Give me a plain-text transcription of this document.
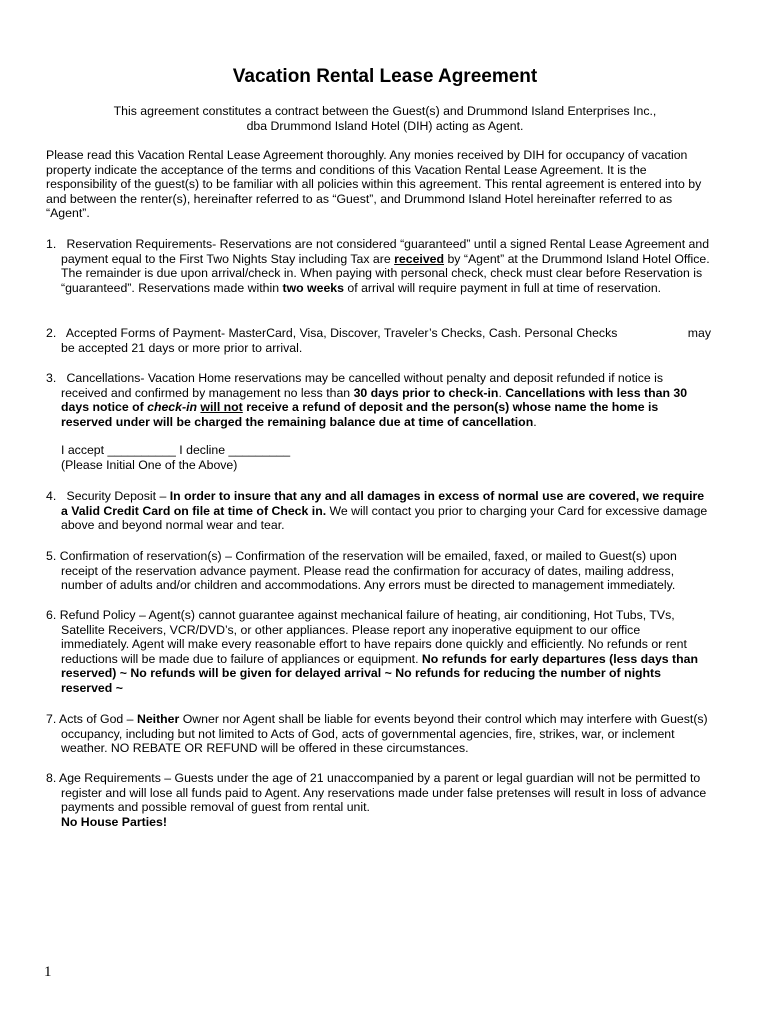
Vacation Rental Lease Agreement
This agreement constitutes a contract between the Guest(s) and Drummond Island Enterprises Inc.,
dba Drummond Island Hotel (DIH) acting as Agent.
Please read this Vacation Rental Lease Agreement thoroughly. Any monies received by DIH for occupancy of vacation property indicate the acceptance of the terms and conditions of this Vacation Rental Lease Agreement. It is the responsibility of the guest(s) to be familiar with all policies within this agreement. This rental agreement is entered into by and between the renter(s), hereinafter referred to as “Guest”, and Drummond Island Hotel hereinafter referred to as “Agent”.
1. Reservation Requirements- Reservations are not considered “guaranteed” until a signed Rental Lease Agreement and payment equal to the First Two Nights Stay including Tax are received by “Agent” at the Drummond Island Hotel Office. The remainder is due upon arrival/check in. When paying with personal check, check must clear before Reservation is “guaranteed”. Reservations made within two weeks of arrival will require payment in full at time of reservation.
2. Accepted Forms of Payment- MasterCard, Visa, Discover, Traveler’s Checks, Cash. Personal Checks	may

be accepted 21 days or more prior to arrival.
3. Cancellations- Vacation Home reservations may be cancelled without penalty and deposit refunded if notice is received and confirmed by management no less than 30 days prior to check-in. Cancellations with less than 30 days notice of check-in will not receive a refund of deposit and the person(s) whose name the home is reserved under will be charged the remaining balance due at time of cancellation.
I accept __________ I decline _________
(Please Initial One of the Above)
4. Security Deposit – In order to insure that any and all damages in excess of normal use are covered, we require a Valid Credit Card on file at time of Check in. We will contact you prior to charging your Card for excessive damage above and beyond normal wear and tear.
5. Confirmation of reservation(s) – Confirmation of the reservation will be emailed, faxed, or mailed to Guest(s) upon receipt of the reservation advance payment. Please read the confirmation for accuracy of dates, mailing address, number of adults and/or children and accommodations. Any errors must be directed to management immediately.
6. Refund Policy – Agent(s) cannot guarantee against mechanical failure of heating, air conditioning, Hot Tubs, TVs, Satellite Receivers, VCR/DVD’s, or other appliances. Please report any inoperative equipment to our office immediately. Agent will make every reasonable effort to have repairs done quickly and efficiently. No refunds or rent reductions will be made due to failure of appliances or equipment. No refunds for early departures (less days than reserved) ~ No refunds will be given for delayed arrival ~ No refunds for reducing the number of nights reserved ~
7. Acts of God – Neither Owner nor Agent shall be liable for events beyond their control which may interfere with Guest(s) occupancy, including but not limited to Acts of God, acts of governmental agencies, fire, strikes, war, or inclement weather. NO REBATE OR REFUND will be offered in these circumstances.
8. Age Requirements – Guests under the age of 21 unaccompanied by a parent or legal guardian will not be permitted to register and will lose all funds paid to Agent. Any reservations made under false pretenses will result in loss of advance payments and possible removal of guest from rental unit.
No House Parties!
1
